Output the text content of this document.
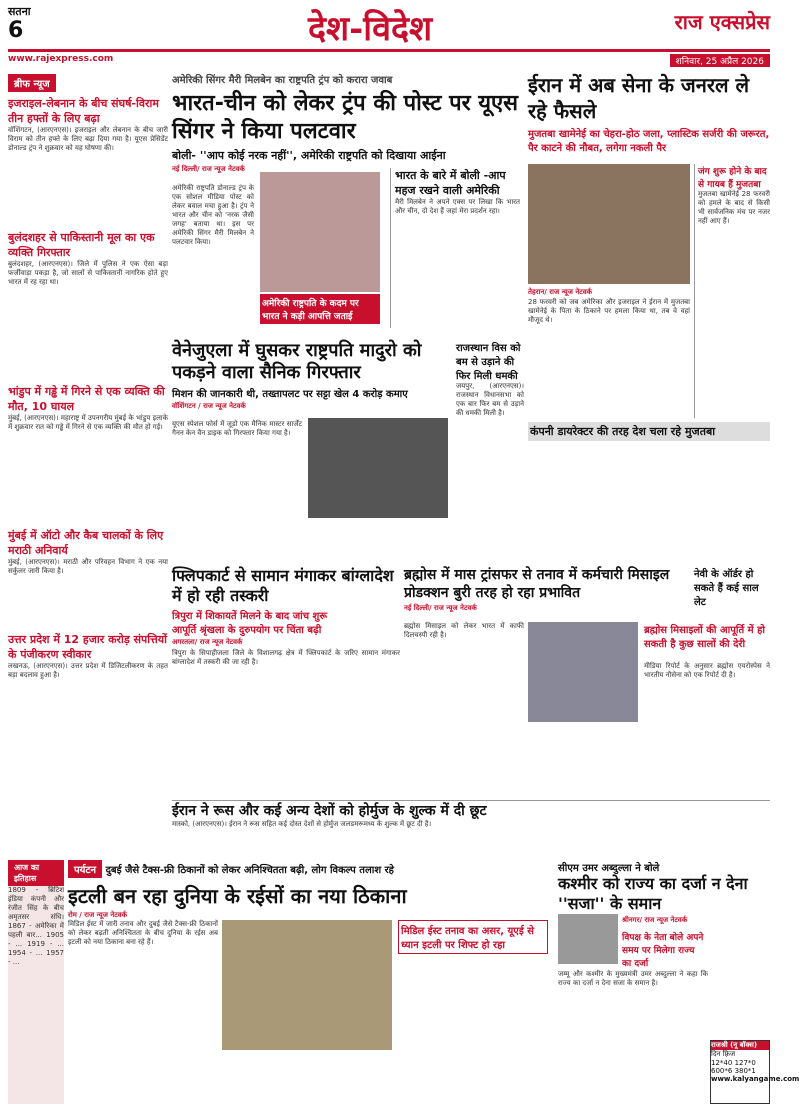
सतना
6	देश-विदेश	राज एक्सप्रेस
www.rajexpress.com	शनिवार, 25 अप्रैल 2026
ब्रीफ न्यूज
इजराइल-लेबनान के बीच संघर्ष-विराम तीन हफ्तों के लिए बढ़ा
वॉशिंगटन, (आरएनएस)। इजराइल और लेबनान के बीच जारी विराम को तीन हफ्ते के लिए बढ़ा दिया गया है। यूएस प्रेसिडेंट डोनाल्ड ट्रंप ने शुक्रवार को यह घोषणा की।
बुलंदशहर से पाकिस्तानी मूल का एक व्यक्ति गिरफ्तार
बुलंदशहर, (आरएनएस)। जिले में पुलिस ने एक ऐसा बड़ा फर्जीवाड़ा पकड़ा है, जो सालों से पाकिस्तानी नागरिक होते हुए भारत में रह रहा था।
भांडुप में गड्ढे में गिरने से एक व्यक्ति की मौत, 10 घायल
मुंबई, (आरएनएस)। महाराष्ट्र में उपनगरीय मुंबई के भांडुप इलाके में शुक्रवार रात को गड्ढे में गिरने से एक व्यक्ति की मौत हो गई।
मुंबई में ऑटो और कैब चालकों के लिए मराठी अनिवार्य
मुंबई, (आरएनएस)। मराठी और परिवहन विभाग ने एक नया सर्कुलर जारी किया है।
उत्तर प्रदेश में 12 हजार करोड़ संपत्तियों के पंजीकरण स्वीकार
लखनऊ, (आरएनएस)। उत्तर प्रदेश में डिजिटलीकरण के तहत बड़ा बदलाव हुआ है।
अमेरिकी सिंगर मैरी मिलबेन का राष्ट्रपति ट्रंप को करारा जवाब
भारत-चीन को लेकर ट्रंप की पोस्ट पर यूएस सिंगर ने किया पलटवार
बोली- ''आप कोई नरक नहीं'', अमेरिकी राष्ट्रपति को दिखाया आईना
नई दिल्ली/ राज न्यूज नेटवर्क
अमेरिकी राष्ट्रपति डोनाल्ड ट्रंप के एक सोशल मीडिया पोस्ट को लेकर बवाल मचा हुआ है। ट्रंप ने भारत और चीन को 'नरक जैसी जगह' बताया था। इस पर अमेरिकी सिंगर मैरी मिलबेन ने पलटवार किया।
अमेरिकी राष्ट्रपति के कदम पर भारत ने कड़ी आपत्ति जताई
भारत के बारे में बोली -आप महज रखने वाली अमेरिकी
मैरी मिलबेन ने अपने एक्स पर लिखा कि भारत और चीन, दो देश हैं जहां मेरा प्रदर्शन रहा।
ईरान में अब सेना के जनरल ले रहे फैसले
मुजतबा खामेनेई का चेहरा-होठ जला, प्लास्टिक सर्जरी की जरूरत, पैर काटने की नौबत, लगेगा नकली पैर
तेहरान/ राज न्यूज नेटवर्क
28 फरवरी को जब अमेरिका और इजराइल ने ईरान में मुजतबा खामेनेई के पिता के ठिकाने पर हमला किया था, तब वे वहां मौजूद थे।
जंग शुरू होने के बाद से गायब हैं मुजतबा
मुजतबा खामेनेई 28 फरवरी को हमले के बाद से किसी भी सार्वजनिक मंच पर नजर नहीं आए हैं।
कंपनी डायरेक्टर की तरह देश चला रहे मुजतबा
वेनेजुएला में घुसकर राष्ट्रपति मादुरो को पकड़ने वाला सैनिक गिरफ्तार
मिशन की जानकारी थी, तख्तापलट पर सट्टा खेल 4 करोड़ कमाए
वॉशिंगटन / राज न्यूज नेटवर्क
यूएस स्पेशल फोर्स में जूडो एक मैनिक मास्टर सार्जेंट गैनन केन वैन डाइक को गिरफ्तार किया गया है।
राजस्थान विस को बम से उड़ाने की फिर मिली धमकी
जयपुर, (आरएनएस)। राजस्थान विधानसभा को एक बार फिर बम से उड़ाने की धमकी मिली है।
फ्लिपकार्ट से सामान मंगाकर बांग्लादेश में हो रही तस्करी
त्रिपुरा में शिकायतें मिलने के बाद जांच शुरू
आपूर्ति श्रृंखला के दुरुपयोग पर चिंता बढ़ी
अगरतला/ राज न्यूज नेटवर्क
त्रिपुरा के सिपाहीजला जिले के विशालगढ़ क्षेत्र में फ्लिपकार्ट के जरिए सामान मंगाकर बांग्लादेश में तस्करी की जा रही है।
ब्रह्मोस में मास ट्रांसफर से तनाव में कर्मचारी मिसाइल प्रोडक्शन बुरी तरह हो रहा प्रभावित
नेवी के ऑर्डर हो सकते हैं कई साल लेट
नई दिल्ली/ राज न्यूज नेटवर्क
ब्रह्मोस मिसाइल को लेकर भारत में काफी दिलचस्पी रही है।	ब्रह्मोस मिसाइलों की आपूर्ति में हो सकती है कुछ सालों की देरी
मीडिया रिपोर्ट के अनुसार ब्रह्मोस एयरोस्पेस ने भारतीय नौसेना को एक रिपोर्ट दी है।
ईरान ने रूस और कई अन्य देशों को होर्मुज के शुल्क में दी छूट
मास्को, (आरएनएस)। ईरान ने रूस सहित कई दोस्त देशों से होर्मुज जलडमरूमध्य के शुल्क में छूट दी है।
आज का इतिहास
1809 - ब्रिटिश इंडिया कंपनी और रंजीत सिंह के बीच अमृतसर संधि। 1867 - अमेरिका में पहली बार... 1905 - ... 1919 - ... 1954 - ... 1957 - ...
पर्यटन दुबई जैसे टैक्स-फ्री ठिकानों को लेकर अनिश्चितता बढ़ी, लोग विकल्प तलाश रहे
इटली बन रहा दुनिया के रईसों का नया ठिकाना
रोम / राज न्यूज नेटवर्क
मिडिल ईस्ट में जारी तनाव और दुबई जैसे टैक्स-फ्री ठिकानों को लेकर बढ़ती अनिश्चितता के बीच दुनिया के रईस अब इटली को नया ठिकाना बना रहे हैं।
मिडिल ईस्ट तनाव का असर, यूएई से ध्यान इटली पर शिफ्ट हो रहा
सीएम उमर अब्दुल्ला ने बोले
कश्मीर को राज्य का दर्जा न देना ''सजा'' के समान
श्रीनगर/ राज न्यूज नेटवर्क
विपक्ष के नेता बोले अपने समय पर मिलेगा राज्य का दर्जा
जम्मू और कश्मीर के मुख्यमंत्री उमर अब्दुल्ला ने कहा कि राज्य का दर्जा न देना सजा के समान है।
राजश्री (नू बॉक्स)
दिन फ़्रिज
12*40 127*0
600*6 380*1
www.kalyangame.com
